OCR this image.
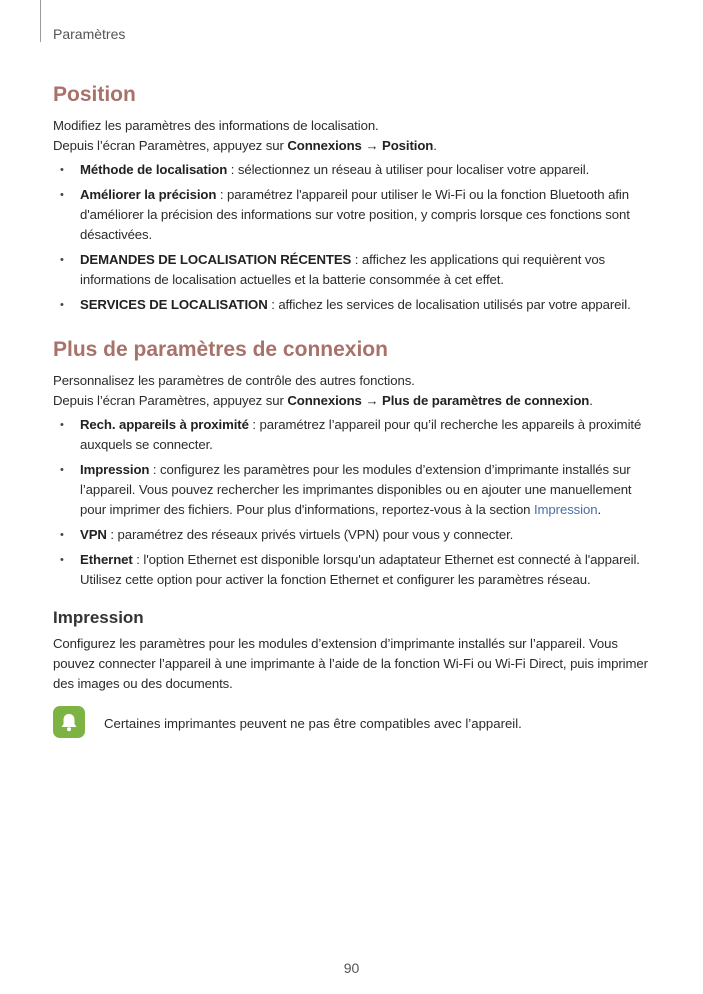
Paramètres
Position

Modifiez les paramètres des informations de localisation.

Depuis l’écran Paramètres, appuyez sur Connexions → Position.

• Méthode de localisation : sélectionnez un réseau à utiliser pour localiser votre appareil.
• Améliorer la précision : paramétrez l'appareil pour utiliser le Wi-Fi ou la fonction Bluetooth afin d'améliorer la précision des informations sur votre position, y compris lorsque ces fonctions sont désactivées.
• DEMANDES DE LOCALISATION RÉCENTES : affichez les applications qui requièrent vos informations de localisation actuelles et la batterie consommée à cet effet.
• SERVICES DE LOCALISATION : affichez les services de localisation utilisés par votre appareil.
Plus de paramètres de connexion

Personnalisez les paramètres de contrôle des autres fonctions.

Depuis l’écran Paramètres, appuyez sur Connexions → Plus de paramètres de connexion.

• Rech. appareils à proximité : paramétrez l’appareil pour qu’il recherche les appareils à proximité auxquels se connecter.
• Impression : configurez les paramètres pour les modules d’extension d’imprimante installés sur l’appareil. Vous pouvez rechercher les imprimantes disponibles ou en ajouter une manuellement pour imprimer des fichiers. Pour plus d'informations, reportez-vous à la section Impression.
• VPN : paramétrez des réseaux privés virtuels (VPN) pour vous y connecter.
• Ethernet : l'option Ethernet est disponible lorsqu'un adaptateur Ethernet est connecté à l'appareil. Utilisez cette option pour activer la fonction Ethernet et configurer les paramètres réseau.
Impression

Configurez les paramètres pour les modules d’extension d’imprimante installés sur l’appareil. Vous pouvez connecter l’appareil à une imprimante à l’aide de la fonction Wi-Fi ou Wi-Fi Direct, puis imprimer des images ou des documents.

Certaines imprimantes peuvent ne pas être compatibles avec l’appareil.
90
